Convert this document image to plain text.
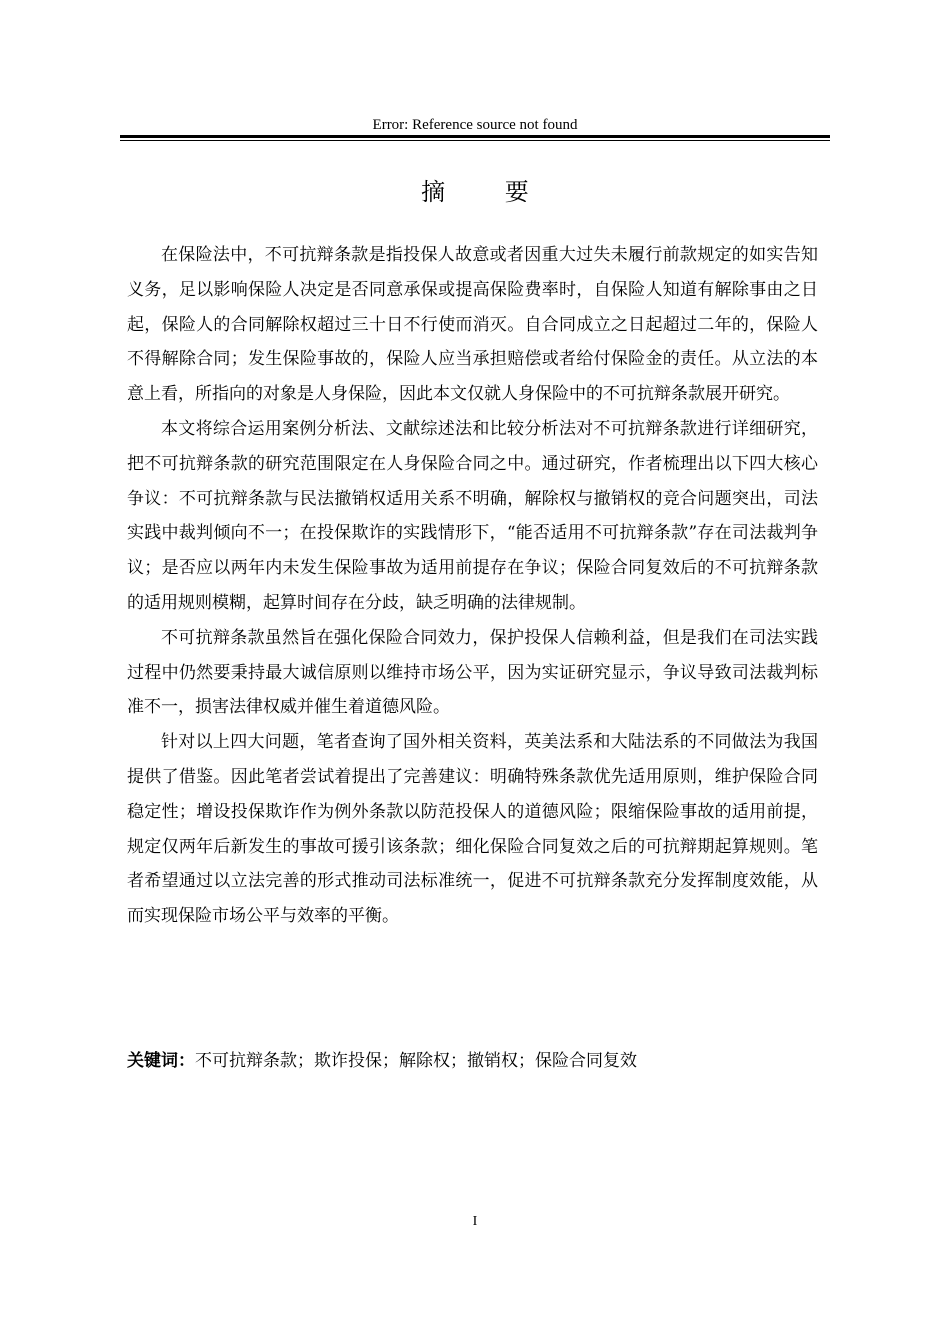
Error: Reference source not found
摘 要

在保险法中，不可抗辩条款是指投保人故意或者因重大过失未履行前款规定的如实告知义务，足以影响保险人决定是否同意承保或提高保险费率时，自保险人知道有解除事由之日起，保险人的合同解除权超过三十日不行使而消灭。自合同成立之日起超过二年的，保险人不得解除合同；发生保险事故的，保险人应当承担赔偿或者给付保险金的责任。从立法的本意上看，所指向的对象是人身保险，因此本文仅就人身保险中的不可抗辩条款展开研究。

本文将综合运用案例分析法、文献综述法和比较分析法对不可抗辩条款进行详细研究，把不可抗辩条款的研究范围限定在人身保险合同之中。通过研究，作者梳理出以下四大核心争议：不可抗辩条款与民法撤销权适用关系不明确，解除权与撤销权的竞合问题突出，司法实践中裁判倾向不一；在投保欺诈的实践情形下，“能否适用不可抗辩条款”存在司法裁判争议；是否应以两年内未发生保险事故为适用前提存在争议；保险合同复效后的不可抗辩条款的适用规则模糊，起算时间存在分歧，缺乏明确的法律规制。

不可抗辩条款虽然旨在强化保险合同效力，保护投保人信赖利益，但是我们在司法实践过程中仍然要秉持最大诚信原则以维持市场公平，因为实证研究显示，争议导致司法裁判标准不一，损害法律权威并催生着道德风险。

针对以上四大问题，笔者查询了国外相关资料，英美法系和大陆法系的不同做法为我国提供了借鉴。因此笔者尝试着提出了完善建议：明确特殊条款优先适用原则，维护保险合同稳定性；增设投保欺诈作为例外条款以防范投保人的道德风险；限缩保险事故的适用前提，规定仅两年后新发生的事故可援引该条款；细化保险合同复效之后的可抗辩期起算规则。笔者希望通过以立法完善的形式推动司法标准统一，促进不可抗辩条款充分发挥制度效能，从而实现保险市场公平与效率的平衡。

关键词：不可抗辩条款；欺诈投保；解除权；撤销权；保险合同复效
I
